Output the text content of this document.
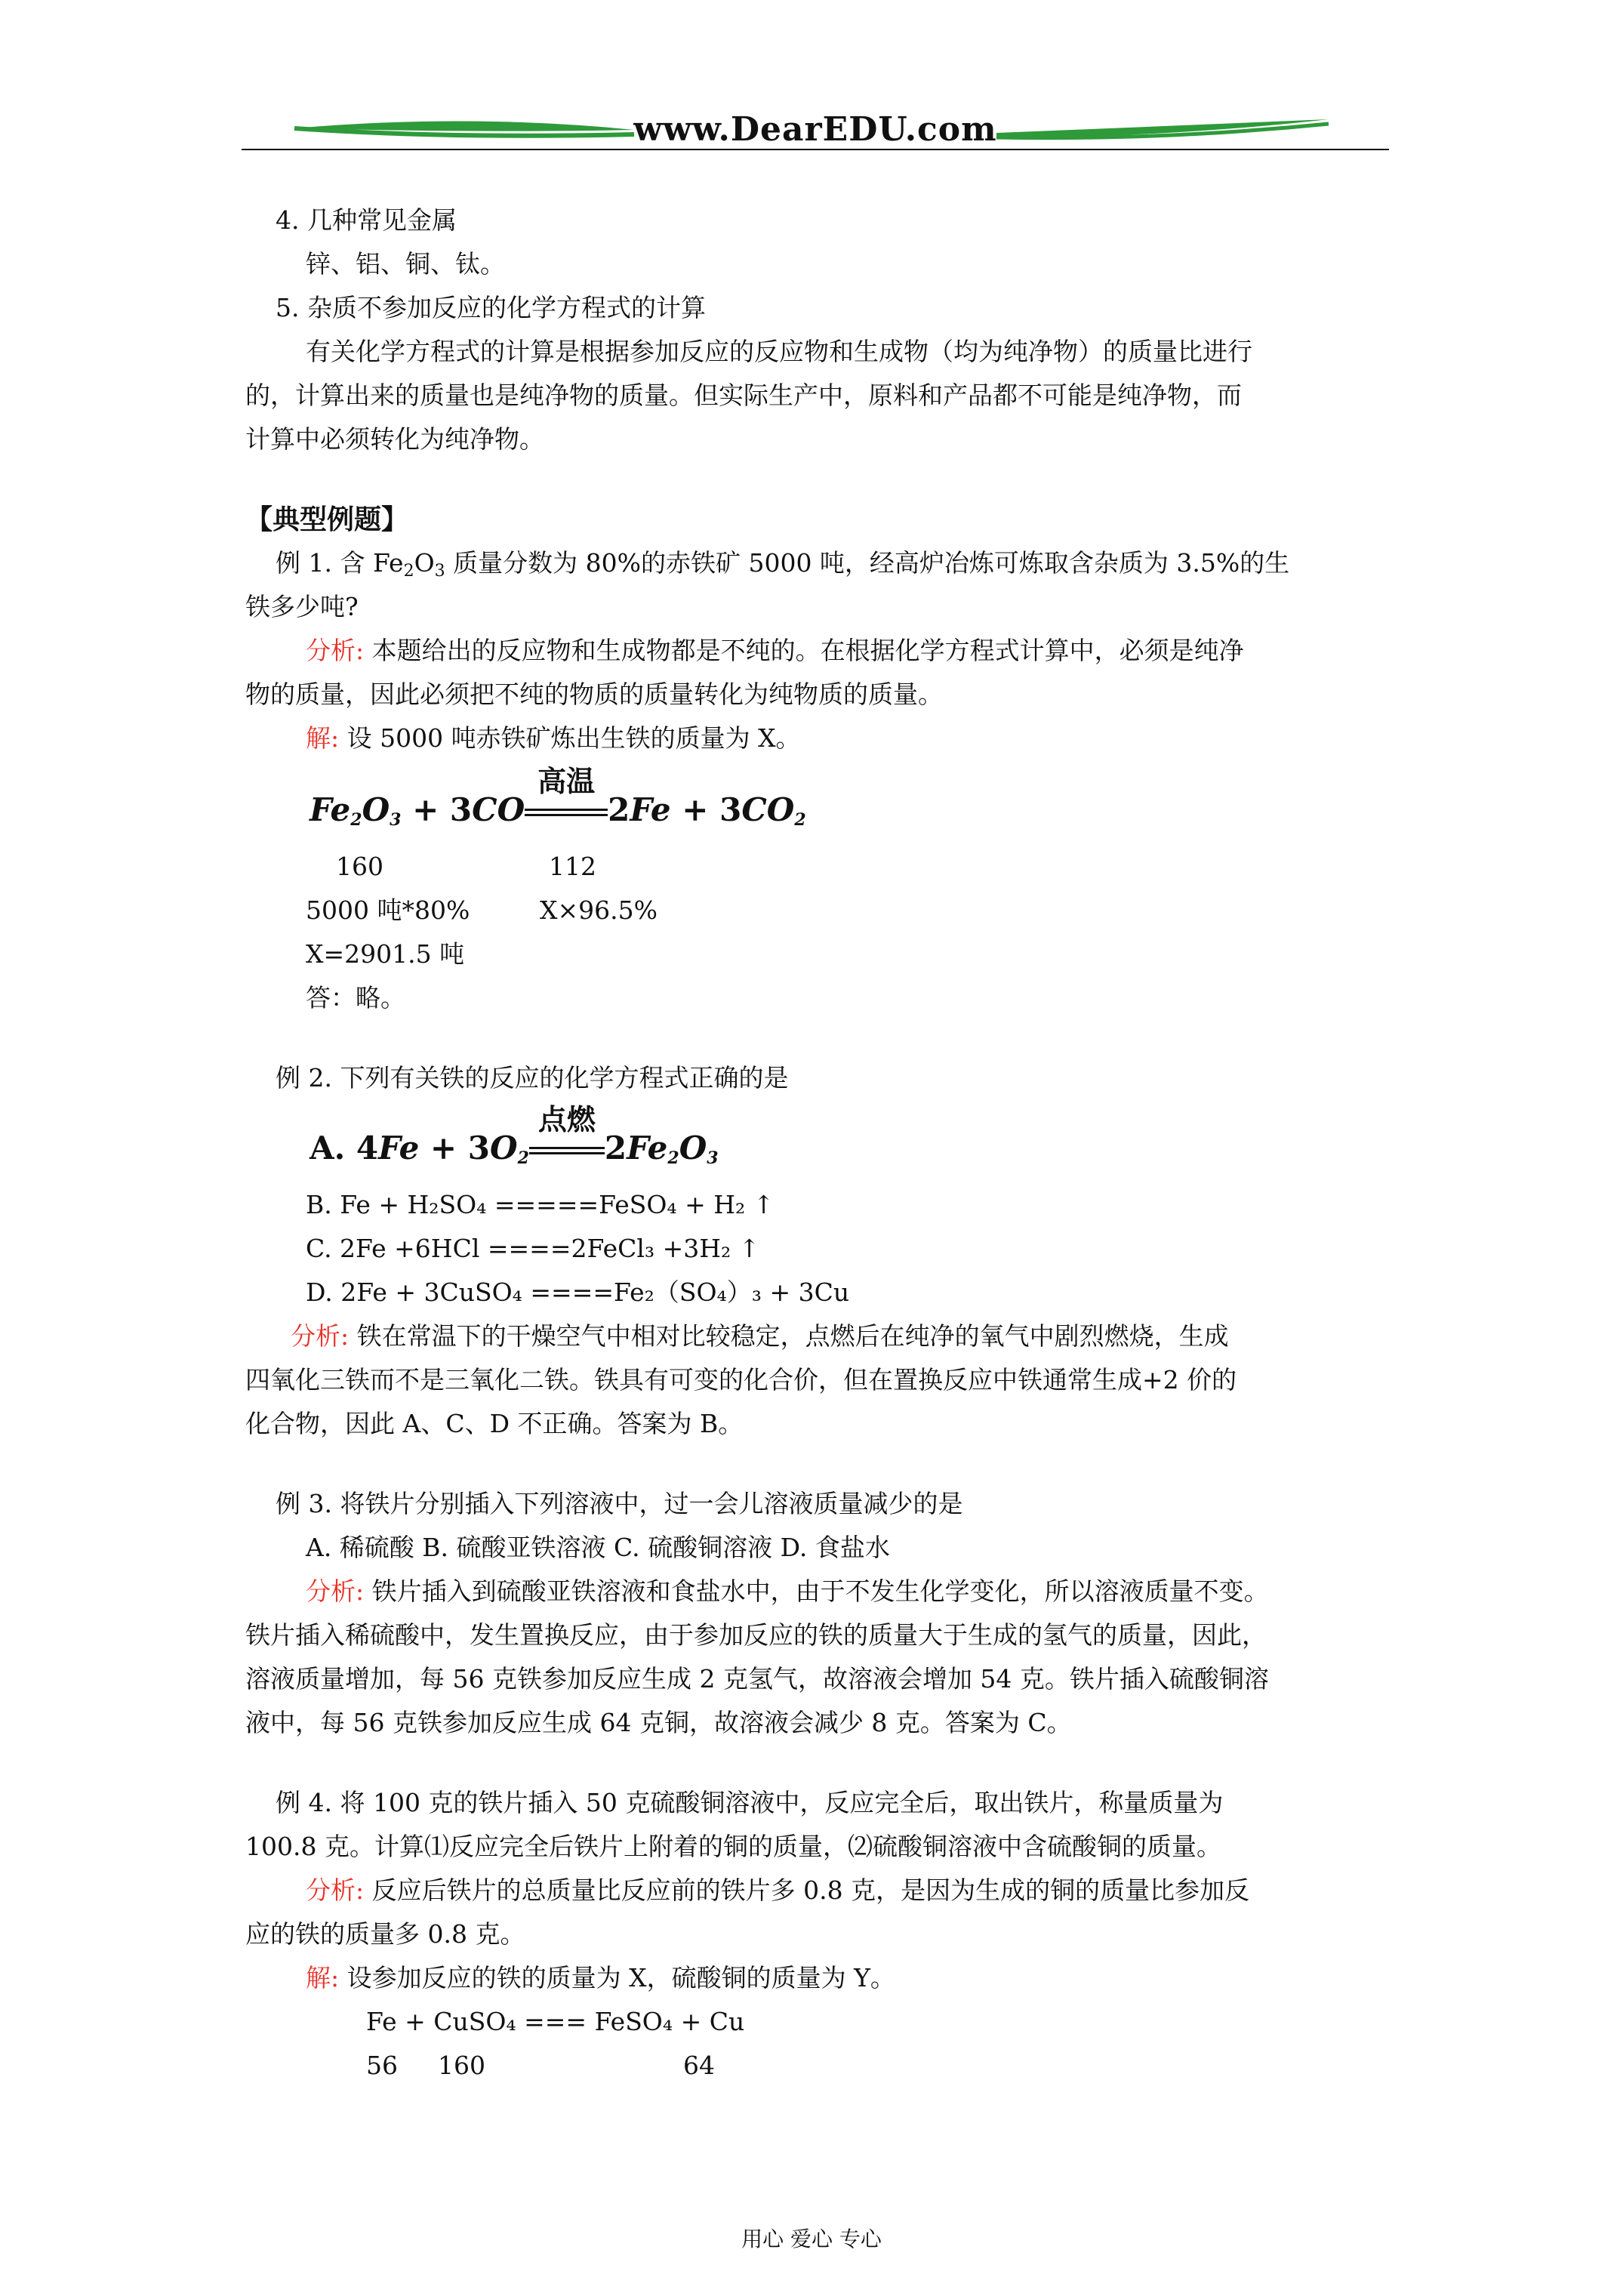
www.DearEDU.com
4. 几种常见金属
锌、铝、铜、钛。
5. 杂质不参加反应的化学方程式的计算
有关化学方程式的计算是根据参加反应的反应物和生成物（均为纯净物）的质量比进行
的，计算出来的质量也是纯净物的质量。但实际生产中，原料和产品都不可能是纯净物，而
计算中必须转化为纯净物。
【典型例题】
例 1. 含 $Fe_2O_3$ 质量分数为 80%的赤铁矿 5000 吨，经高炉冶炼可炼取含杂质为 3.5%的生
铁多少吨?
分析: 本题给出的反应物和生成物都是不纯的。在根据化学方程式计算中，必须是纯净
物的质量，因此必须把不纯的物质的质量转化为纯物质的质量。
解: 设 5000 吨赤铁矿炼出生铁的质量为 X。
$Fe_2O_3 + 3CO$
高温
$2Fe + 3CO_2$
160	112
5000 吨*80%	X×96.5%
X=2901.5 吨
答：略。
例 2. 下列有关铁的反应的化学方程式正确的是
A. $4Fe + 3O_2$
点燃
$2Fe_2O_3$
B. Fe + H₂SO₄ =====FeSO₄ + H₂ ↑
C. 2Fe +6HCl ====2FeCl₃ +3H₂ ↑
D. 2Fe + 3CuSO₄ ====Fe₂（SO₄）₃ + 3Cu
分析: 铁在常温下的干燥空气中相对比较稳定，点燃后在纯净的氧气中剧烈燃烧，生成
四氧化三铁而不是三氧化二铁。铁具有可变的化合价，但在置换反应中铁通常生成+2 价的
化合物，因此 A、C、D 不正确。答案为 B。
例 3. 将铁片分别插入下列溶液中，过一会儿溶液质量减少的是
A. 稀硫酸 B. 硫酸亚铁溶液 C. 硫酸铜溶液 D. 食盐水
分析: 铁片插入到硫酸亚铁溶液和食盐水中，由于不发生化学变化，所以溶液质量不变。
铁片插入稀硫酸中，发生置换反应，由于参加反应的铁的质量大于生成的氢气的质量，因此，
溶液质量增加，每 56 克铁参加反应生成 2 克氢气，故溶液会增加 54 克。铁片插入硫酸铜溶
液中，每 56 克铁参加反应生成 64 克铜，故溶液会减少 8 克。答案为 C。
例 4. 将 100 克的铁片插入 50 克硫酸铜溶液中，反应完全后，取出铁片，称量质量为
100.8 克。计算⑴反应完全后铁片上附着的铜的质量，⑵硫酸铜溶液中含硫酸铜的质量。
分析: 反应后铁片的总质量比反应前的铁片多 0.8 克，是因为生成的铜的质量比参加反
应的铁的质量多 0.8 克。
解: 设参加反应的铁的质量为 X，硫酸铜的质量为 Y。
Fe + CuSO₄ === FeSO₄ + Cu
56 160	64
用心 爱心 专心
